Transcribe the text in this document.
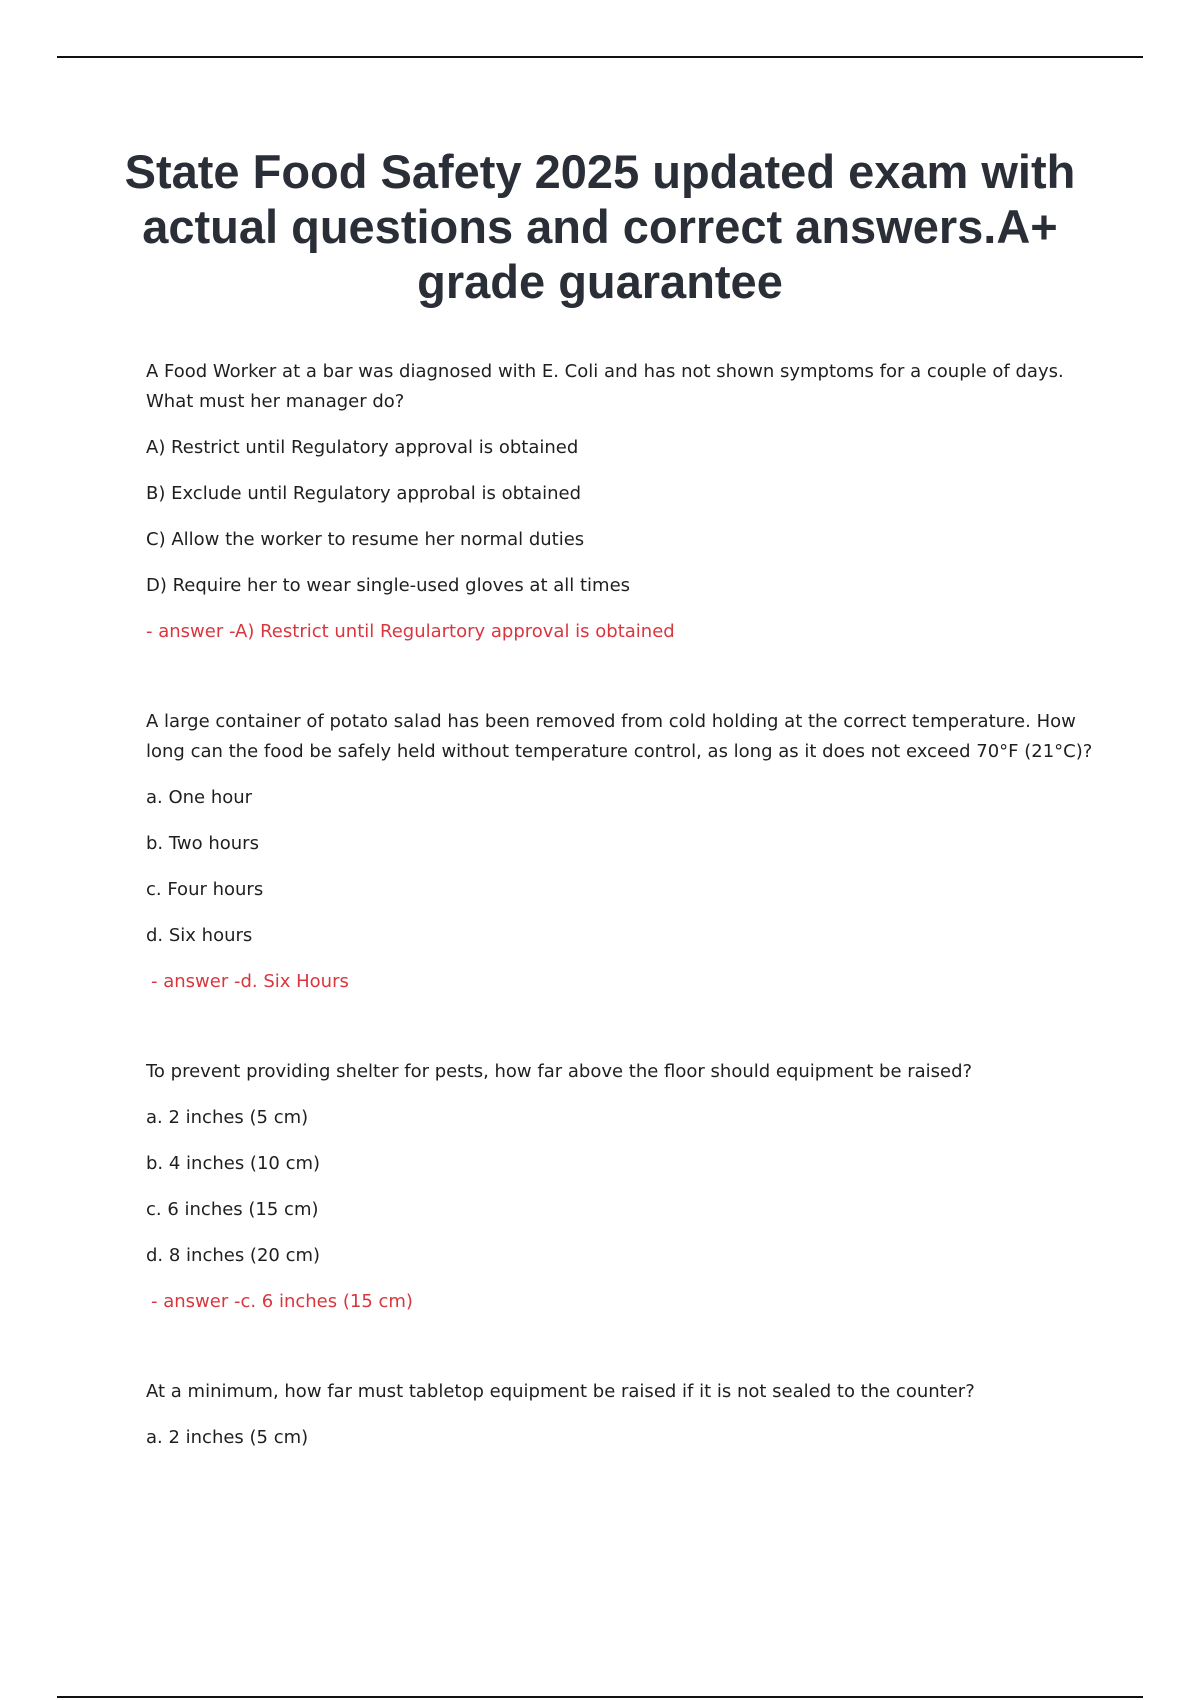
State Food Safety 2025 updated exam with actual questions and correct answers.A+ grade guarantee

A Food Worker at a bar was diagnosed with E. Coli and has not shown symptoms for a couple of days. What must her manager do?

A) Restrict until Regulatory approval is obtained

B) Exclude until Regulatory approbal is obtained

C) Allow the worker to resume her normal duties

D) Require her to wear single-used gloves at all times

- answer -A) Restrict until Regulartory approval is obtained

A large container of potato salad has been removed from cold holding at the correct temperature. How long can the food be safely held without temperature control, as long as it does not exceed 70°F (21°C)?

a. One hour

b. Two hours

c. Four hours

d. Six hours

- answer -d. Six Hours

To prevent providing shelter for pests, how far above the floor should equipment be raised?

a. 2 inches (5 cm)

b. 4 inches (10 cm)

c. 6 inches (15 cm)

d. 8 inches (20 cm)

- answer -c. 6 inches (15 cm)

At a minimum, how far must tabletop equipment be raised if it is not sealed to the counter?

a. 2 inches (5 cm)
